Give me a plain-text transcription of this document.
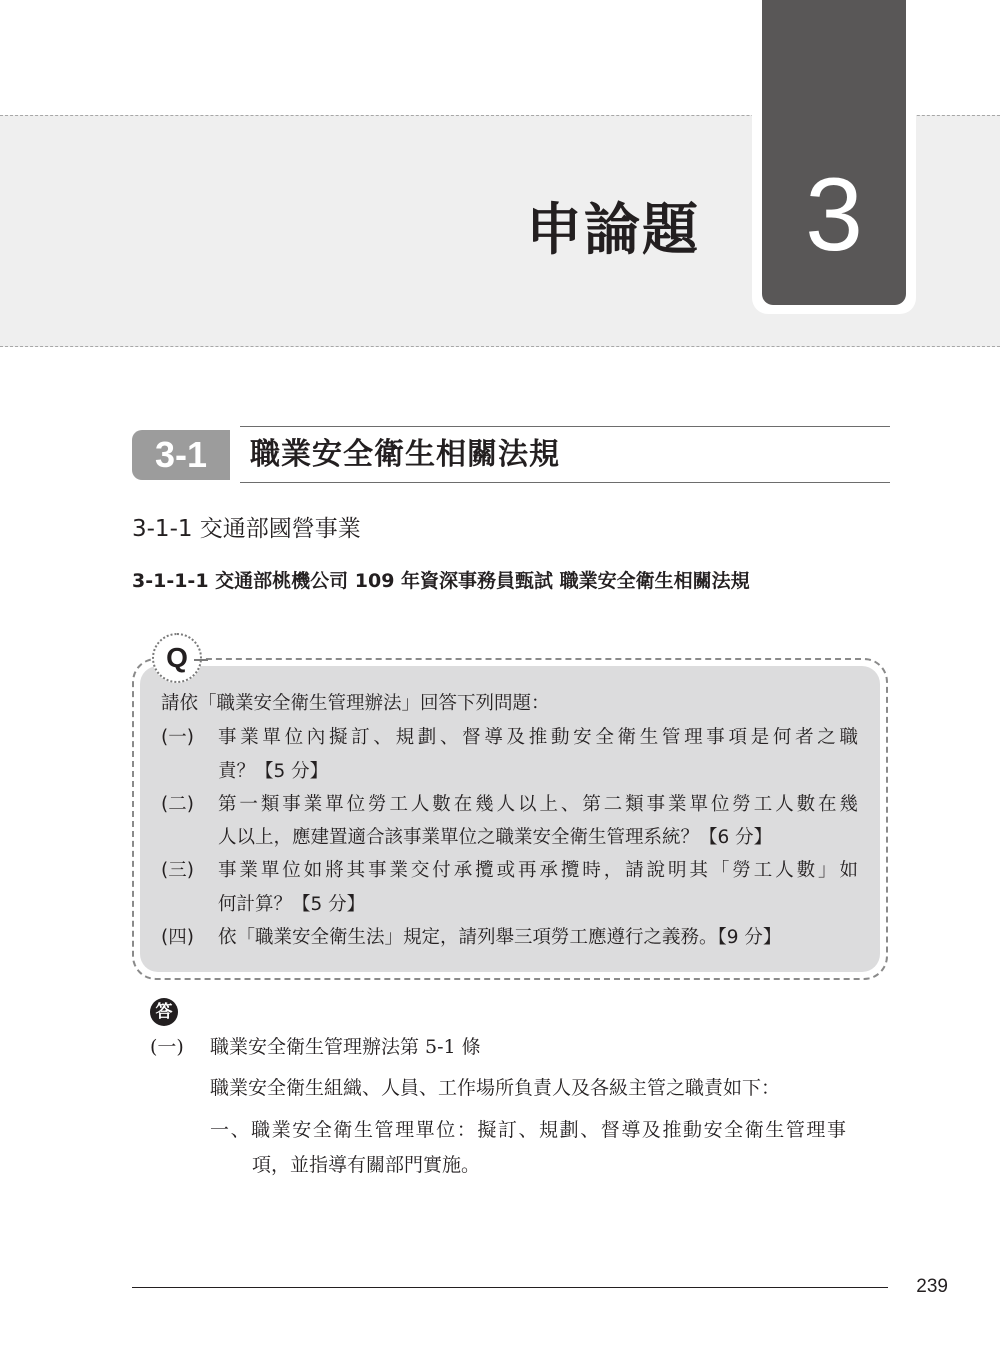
申論題 3
3-1	職業安全衛生相關法規
3-1-1 交通部國營事業
3-1-1-1 交通部桃機公司 109 年資深事務員甄試 職業安全衛生相關法規
Q
請依「職業安全衛生管理辦法」回答下列問題：
(一)	事業單位內擬訂、規劃、督導及推動安全衛生管理事項是何者之職
責？【5 分】
(二)	第一類事業單位勞工人數在幾人以上、第二類事業單位勞工人數在幾
人以上，應建置適合該事業單位之職業安全衛生管理系統？【6 分】
(三)	事業單位如將其事業交付承攬或再承攬時，請說明其「勞工人數」如
何計算？【5 分】
(四)	依「職業安全衛生法」規定，請列舉三項勞工應遵行之義務。【9 分】
答
(一) 職業安全衛生管理辦法第 5-1 條
職業安全衛生組織、人員、工作場所負責人及各級主管之職責如下：
一、職業安全衛生管理單位：擬訂、規劃、督導及推動安全衛生管理事
項，並指導有關部門實施。
239
